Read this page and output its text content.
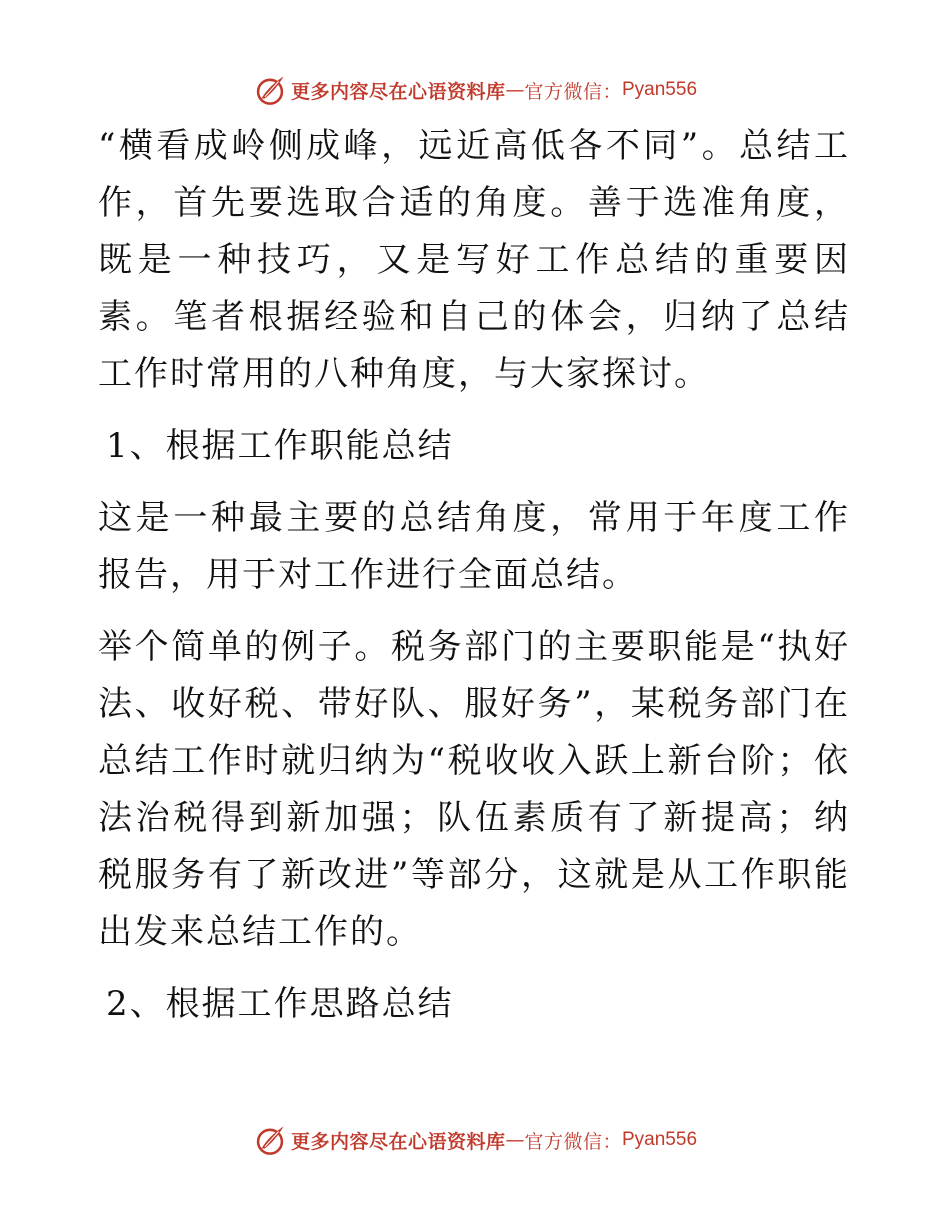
更多内容尽在心语资料库 — 官方微信： Pyan556

“横看成岭侧成峰，远近高低各不同”。总结工作，首先要选取合适的角度。善于选准角度，既是一种技巧，又是写好工作总结的重要因素。笔者根据经验和自己的体会，归纳了总结工作时常用的八种角度，与大家探讨。

1、根据工作职能总结

这是一种最主要的总结角度，常用于年度工作报告，用于对工作进行全面总结。

举个简单的例子。税务部门的主要职能是“执好法、收好税、带好队、服好务”，某税务部门在总结工作时就归纳为“税收收入跃上新台阶；依法治税得到新加强；队伍素质有了新提高；纳税服务有了新改进”等部分，这就是从工作职能出发来总结工作的。

2、根据工作思路总结

更多内容尽在心语资料库 — 官方微信： Pyan556
